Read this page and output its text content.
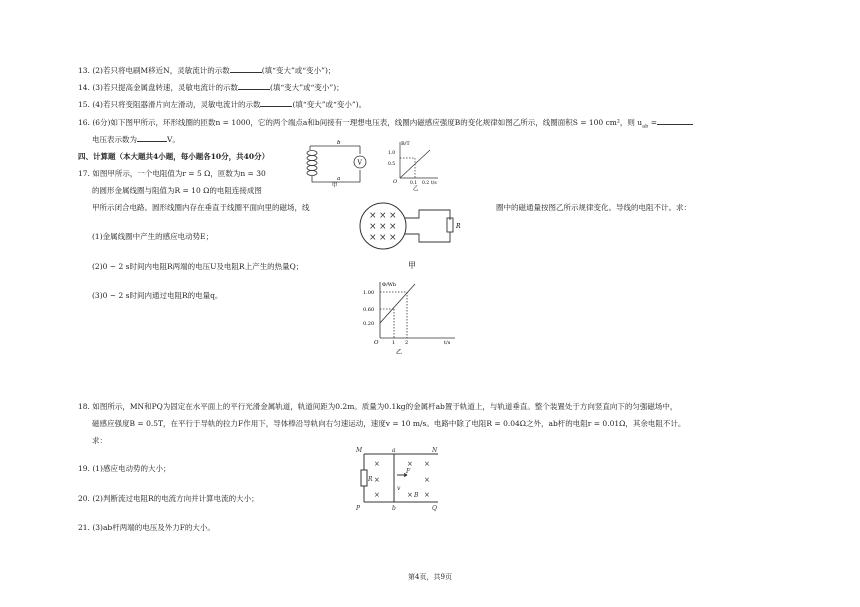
13. (2)若只将电刷M移近N，灵敏流计的示数	(填“变大”或“变小”)；
14. (3)若只提高金属盘转速，灵敏电流计的示数	(填“变大”或“变小”)；
15. (4)若只将变阻器滑片向左滑动，灵敏电流计的示数	(填“变大”或“变小”)。
16. (6分)如下图甲所示，环形线圈的匝数n = 1000，它的两个端点a和b间接有一理想电压表，线圈内磁感应强度B的变化规律如图乙所示，线圈面积S = 100 cm²，则 $u_{ab}$ =
电压表示数为	V。
四、计算题（本大题共4小题，每小题各10分，共40分）
17. 如图甲所示，一个电阻值为r = 5 Ω，匝数为n = 30
的圆形金属线圈与阻值为R = 10 Ω的电阻连接成图
甲所示闭合电路。圆形线圈内存在垂直于线圈平面向里的磁场，线	圈中的磁通量按图乙所示规律变化。导线的电阻不计。求：
(1)金属线圈中产生的感应电动势E；
(2)0 ~ 2 s时间内电阻R两端的电压U及电阻R上产生的热量Q；
(3)0 ~ 2 s时间内通过电阻R的电量q。
18. 如图所示，MN和PQ为固定在水平面上的平行光滑金属轨道，轨道间距为0.2m。质量为0.1kg的金属杆ab置于轨道上，与轨道垂直。整个装置处于方向竖直向下的匀强磁场中，
磁感应强度B = 0.5T，在平行于导轨的拉力F作用下，导体棒沿导轨向右匀速运动，速度v = 10 m/s。电路中除了电阻R = 0.04Ω之外，ab杆的电阻r = 0.01Ω，其余电阻不计。
求：
19. (1)感应电动势的大小；
20. (2)判断流过电阻R的电流方向并计算电流的大小；
21. (3)ab杆两端的电压及外力F的大小。
V
b
a
甲
B/T
1.0
0.5
O	0.1 0.2 t/s
乙
× × ×
× × ×
× × ×
R
甲
Φ/Wb
1.00
0.60
0.20
O	1 2	t/s
乙
×	× ×
×	×
×	× ×
M	a	N
P	b	Q
R
F
B
v
第4页，共9页
